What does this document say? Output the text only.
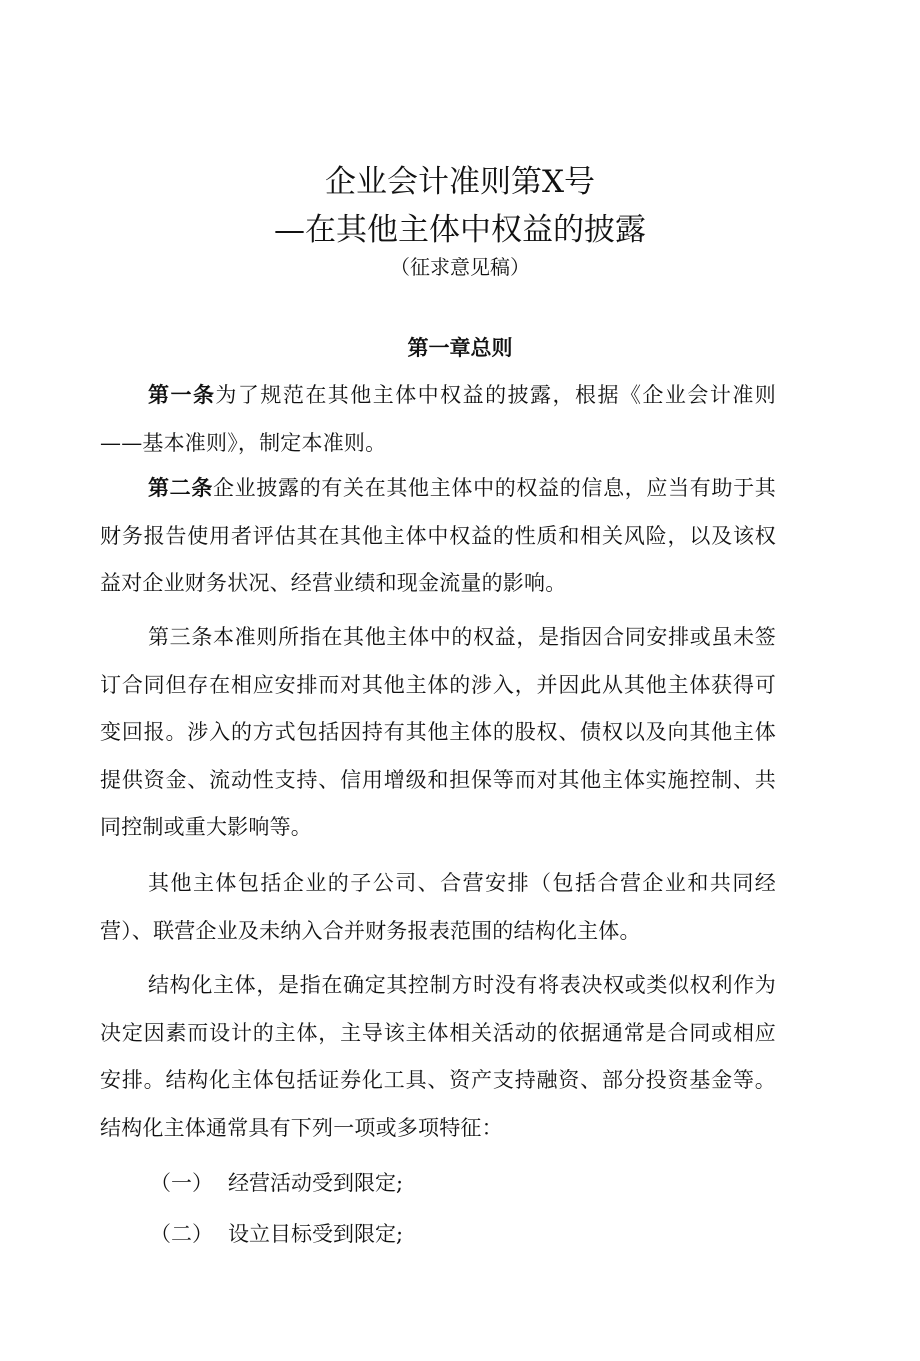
企业会计准则第X号
—在其他主体中权益的披露
（征求意见稿）
第一章总则
第一条为了规范在其他主体中权益的披露，根据《企业会计准则——基本准则》，制定本准则。
第二条企业披露的有关在其他主体中的权益的信息，应当有助于其财务报告使用者评估其在其他主体中权益的性质和相关风险，以及该权益对企业财务状况、经营业绩和现金流量的影响。
第三条本准则所指在其他主体中的权益，是指因合同安排或虽未签订合同但存在相应安排而对其他主体的涉入，并因此从其他主体获得可变回报。涉入的方式包括因持有其他主体的股权、债权以及向其他主体提供资金、流动性支持、信用增级和担保等而对其他主体实施控制、共同控制或重大影响等。
其他主体包括企业的子公司、合营安排（包括合营企业和共同经营）、联营企业及未纳入合并财务报表范围的结构化主体。
结构化主体，是指在确定其控制方时没有将表决权或类似权利作为决定因素而设计的主体，主导该主体相关活动的依据通常是合同或相应安排。结构化主体包括证券化工具、资产支持融资、部分投资基金等。结构化主体通常具有下列一项或多项特征：
（一） 经营活动受到限定;
（二） 设立目标受到限定;
